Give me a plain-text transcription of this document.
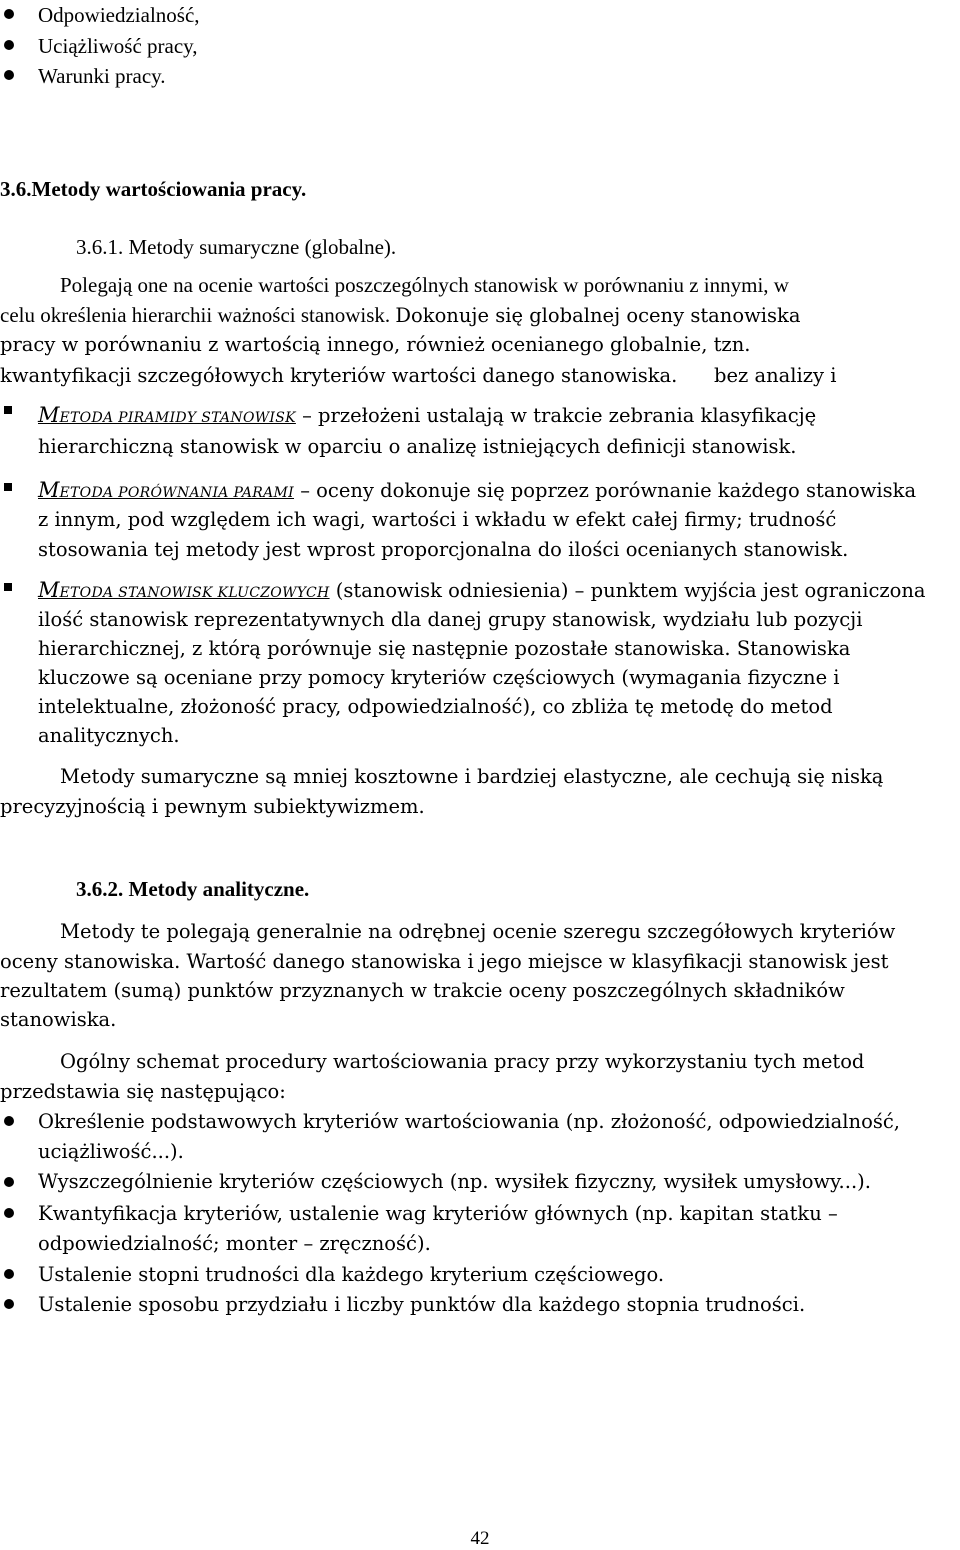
Odpowiedzialność,
Uciążliwość pracy,
Warunki pracy.
3.6.Metody wartościowania pracy.
3.6.1. Metody sumaryczne (globalne).
Polegają one na ocenie wartości poszczególnych stanowisk w porównaniu z innymi, w
celu określenia hierarchii ważności stanowisk. Dokonuje się globalnej oceny stanowiska
pracy w porównaniu z wartością innego, również ocenianego globalnie, tzn.
bez analizy i
kwantyfikacji szczegółowych kryteriów wartości danego stanowiska.
METODA PIRAMIDY STANOWISK – przełożeni ustalają w trakcie zebrania klasyfikację
hierarchiczną stanowisk w oparciu o analizę istniejących definicji stanowisk.
METODA PORÓWNANIA PARAMI – oceny dokonuje się poprzez porównanie każdego stanowiska
z innym, pod względem ich wagi, wartości i wkładu w efekt całej firmy; trudność
stosowania tej metody jest wprost proporcjonalna do ilości ocenianych stanowisk.
METODA STANOWISK KLUCZOWYCH (stanowisk odniesienia) – punktem wyjścia jest ograniczona
ilość stanowisk reprezentatywnych dla danej grupy stanowisk, wydziału lub pozycji
hierarchicznej, z którą porównuje się następnie pozostałe stanowiska. Stanowiska
kluczowe są oceniane przy pomocy kryteriów częściowych (wymagania fizyczne i
intelektualne, złożoność pracy, odpowiedzialność), co zbliża tę metodę do metod
analitycznych.
Metody sumaryczne są mniej kosztowne i bardziej elastyczne, ale cechują się niską
precyzyjnością i pewnym subiektywizmem.
3.6.2. Metody analityczne.
Metody te polegają generalnie na odrębnej ocenie szeregu szczegółowych kryteriów
oceny stanowiska. Wartość danego stanowiska i jego miejsce w klasyfikacji stanowisk jest
rezultatem (sumą) punktów przyznanych w trakcie oceny poszczególnych składników
stanowiska.
Ogólny schemat procedury wartościowania pracy przy wykorzystaniu tych metod
przedstawia się następująco:
Określenie podstawowych kryteriów wartościowania (np. złożoność, odpowiedzialność,
uciążliwość...).
Wyszczególnienie kryteriów częściowych (np. wysiłek fizyczny, wysiłek umysłowy...).
Kwantyfikacja kryteriów, ustalenie wag kryteriów głównych (np. kapitan statku –
odpowiedzialność; monter – zręczność).
Ustalenie stopni trudności dla każdego kryterium częściowego.
Ustalenie sposobu przydziału i liczby punktów dla każdego stopnia trudności.
42
